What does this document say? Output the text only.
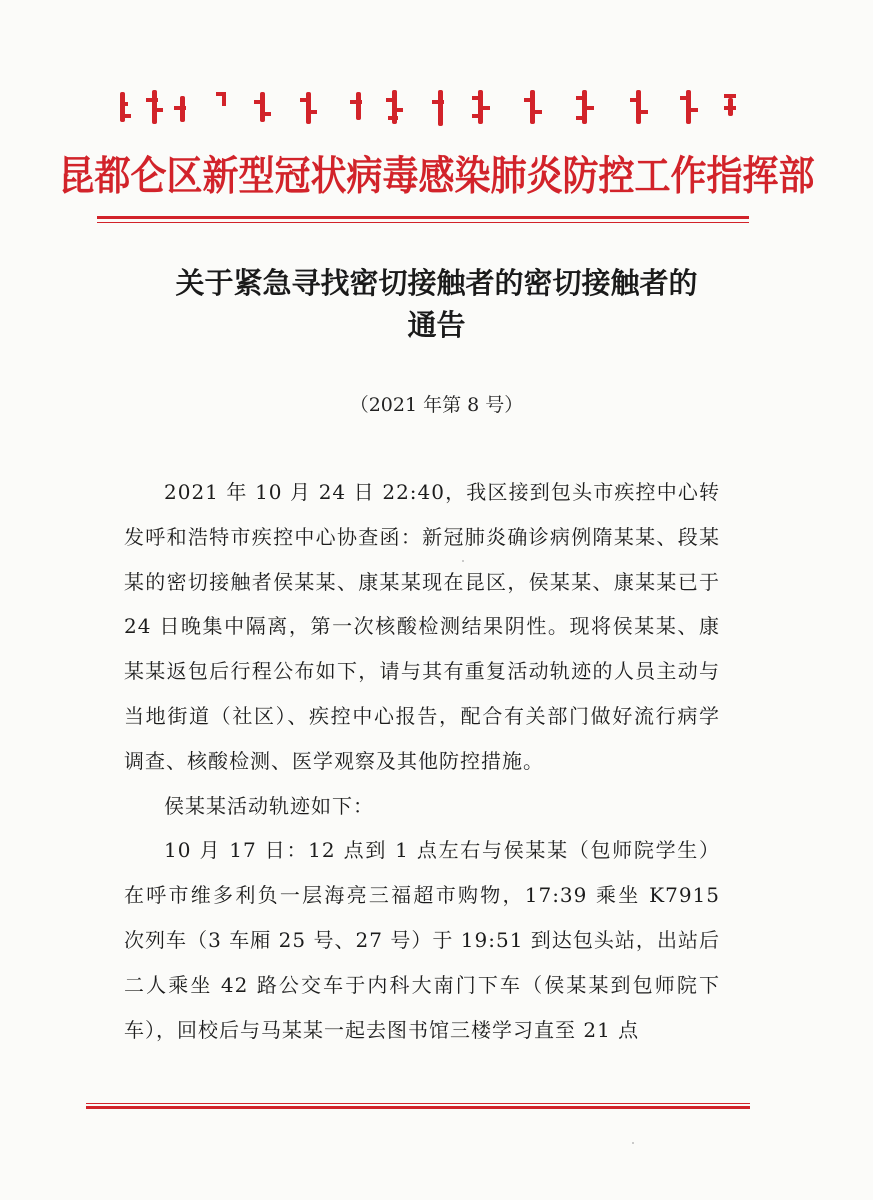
昆都仑区新型冠状病毒感染肺炎防控工作指挥部
关于紧急寻找密切接触者的密切接触者的
通告
（2021 年第 8 号）

2021 年 10 月 24 日 22:40，我区接到包头市疾控中心转发呼和浩特市疾控中心协查函：新冠肺炎确诊病例隋某某、段某某的密切接触者侯某某、康某某现在昆区，侯某某、康某某已于 24 日晚集中隔离，第一次核酸检测结果阴性。现将侯某某、康某某返包后行程公布如下，请与其有重复活动轨迹的人员主动与当地街道（社区）、疾控中心报告，配合有关部门做好流行病学调查、核酸检测、医学观察及其他防控措施。

侯某某活动轨迹如下：

10 月 17 日：12 点到 1 点左右与侯某某（包师院学生）在呼市维多利负一层海亮三福超市购物，17:39 乘坐 K7915 次列车（3 车厢 25 号、27 号）于 19:51 到达包头站，出站后二人乘坐 42 路公交车于内科大南门下车（侯某某到包师院下车），回校后与马某某一起去图书馆三楼学习直至 21 点
